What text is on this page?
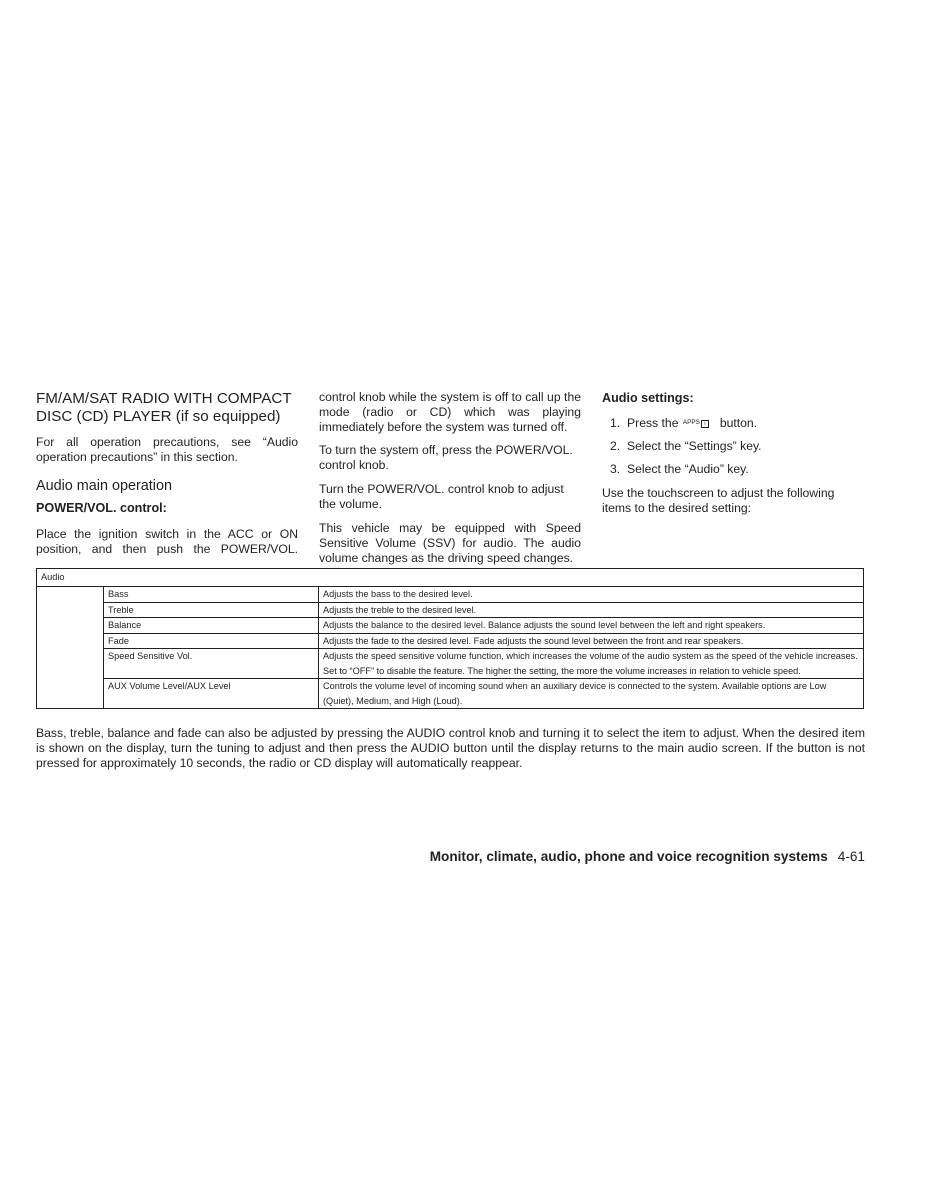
FM/AM/SAT RADIO WITH COMPACT DISC (CD) PLAYER (if so equipped)

For all operation precautions, see “Audio operation precautions” in this section.

Audio main operation
POWER/VOL. control:

Place the ignition switch in the ACC or ON position, and then push the POWER/VOL.

control knob while the system is off to call up the mode (radio or CD) which was playing immediately before the system was turned off.

To turn the system off, press the POWER/VOL. control knob.

Turn the POWER/VOL. control knob to adjust the volume.

This vehicle may be equipped with Speed Sensitive Volume (SSV) for audio. The audio volume changes as the driving speed changes.

Audio settings:
1. Press the APPS i button.
2. Select the “Settings” key.
3. Select the “Audio” key.

Use the touchscreen to adjust the following items to the desired setting:

Audio		
	Bass	Adjusts the bass to the desired level.
	Treble	Adjusts the treble to the desired level.
	Balance	Adjusts the balance to the desired level. Balance adjusts the sound level between the left and right speakers.
	Fade	Adjusts the fade to the desired level. Fade adjusts the sound level between the front and rear speakers.
	Speed Sensitive Vol.	Adjusts the speed sensitive volume function, which increases the volume of the audio system as the speed of the vehicle increases. Set to “OFF” to disable the feature. The higher the setting, the more the volume increases in relation to vehicle speed.
	AUX Volume Level/AUX Level	Controls the volume level of incoming sound when an auxiliary device is connected to the system. Available options are Low (Quiet), Medium, and High (Loud).

Bass, treble, balance and fade can also be adjusted by pressing the AUDIO control knob and turning it to select the item to adjust. When the desired item is shown on the display, turn the tuning to adjust and then press the AUDIO button until the display returns to the main audio screen. If the button is not pressed for approximately 10 seconds, the radio or CD display will automatically reappear.

Monitor, climate, audio, phone and voice recognition systems 4-61
